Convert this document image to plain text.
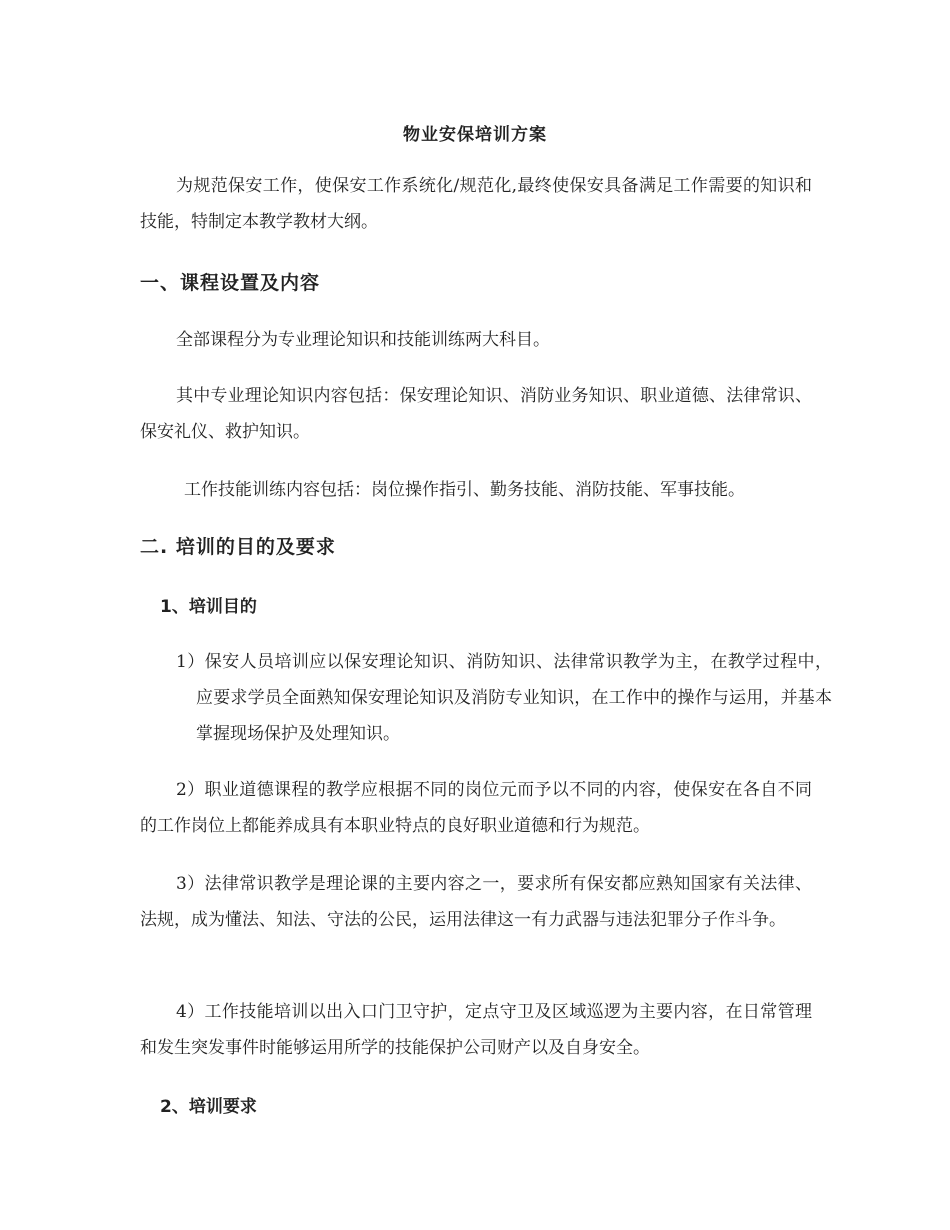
物业安保培训方案
为规范保安工作，使保安工作系统化/规范化,最终使保安具备满足工作需要的知识和技能，特制定本教学教材大纲。
一、课程设置及内容
全部课程分为专业理论知识和技能训练两大科目。
其中专业理论知识内容包括：保安理论知识、消防业务知识、职业道德、法律常识、保安礼仪、救护知识。
工作技能训练内容包括：岗位操作指引、勤务技能、消防技能、军事技能。
二. 培训的目的及要求
1、培训目的
1）保安人员培训应以保安理论知识、消防知识、法律常识教学为主，在教学过程中，应要求学员全面熟知保安理论知识及消防专业知识，在工作中的操作与运用，并基本掌握现场保护及处理知识。
2）职业道德课程的教学应根据不同的岗位元而予以不同的内容，使保安在各自不同的工作岗位上都能养成具有本职业特点的良好职业道德和行为规范。
3）法律常识教学是理论课的主要内容之一，要求所有保安都应熟知国家有关法律、法规，成为懂法、知法、守法的公民，运用法律这一有力武器与违法犯罪分子作斗争。
4）工作技能培训以出入口门卫守护，定点守卫及区域巡逻为主要内容，在日常管理和发生突发事件时能够运用所学的技能保护公司财产以及自身安全。
2、培训要求
